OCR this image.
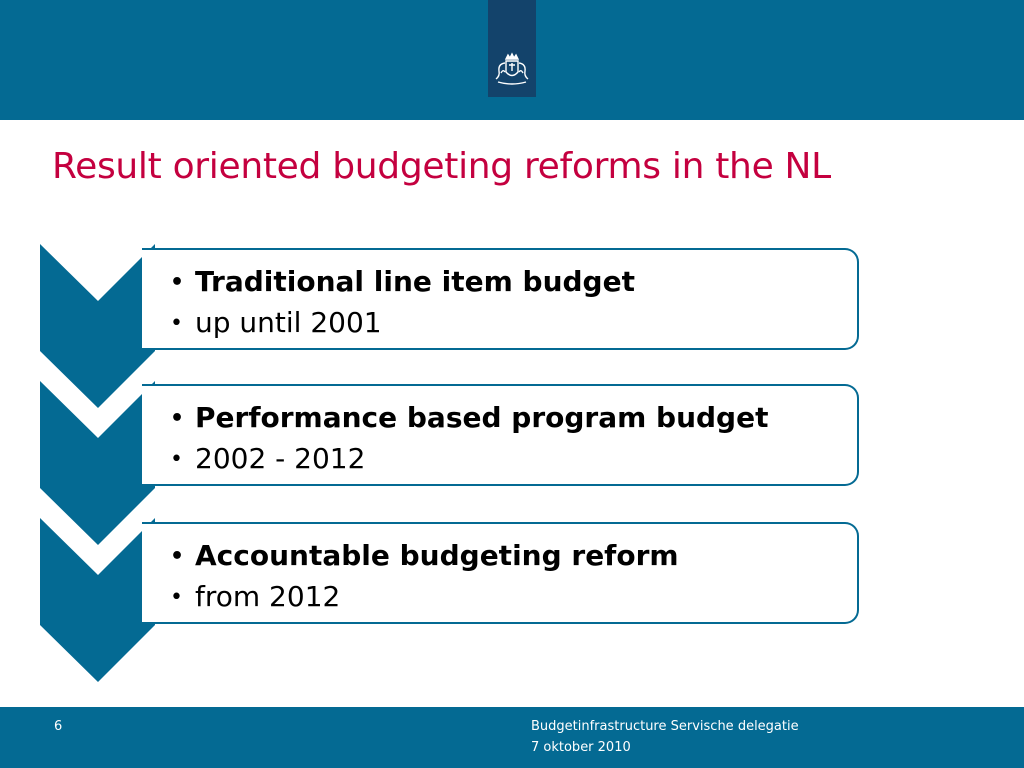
Result oriented budgeting reforms in the NL
• Traditional line item budget
• up until 2001
• Performance based program budget
• 2002 - 2012
• Accountable budgeting reform
• from 2012
6	Budgetinfrastructure Servische delegatie
7 oktober 2010
